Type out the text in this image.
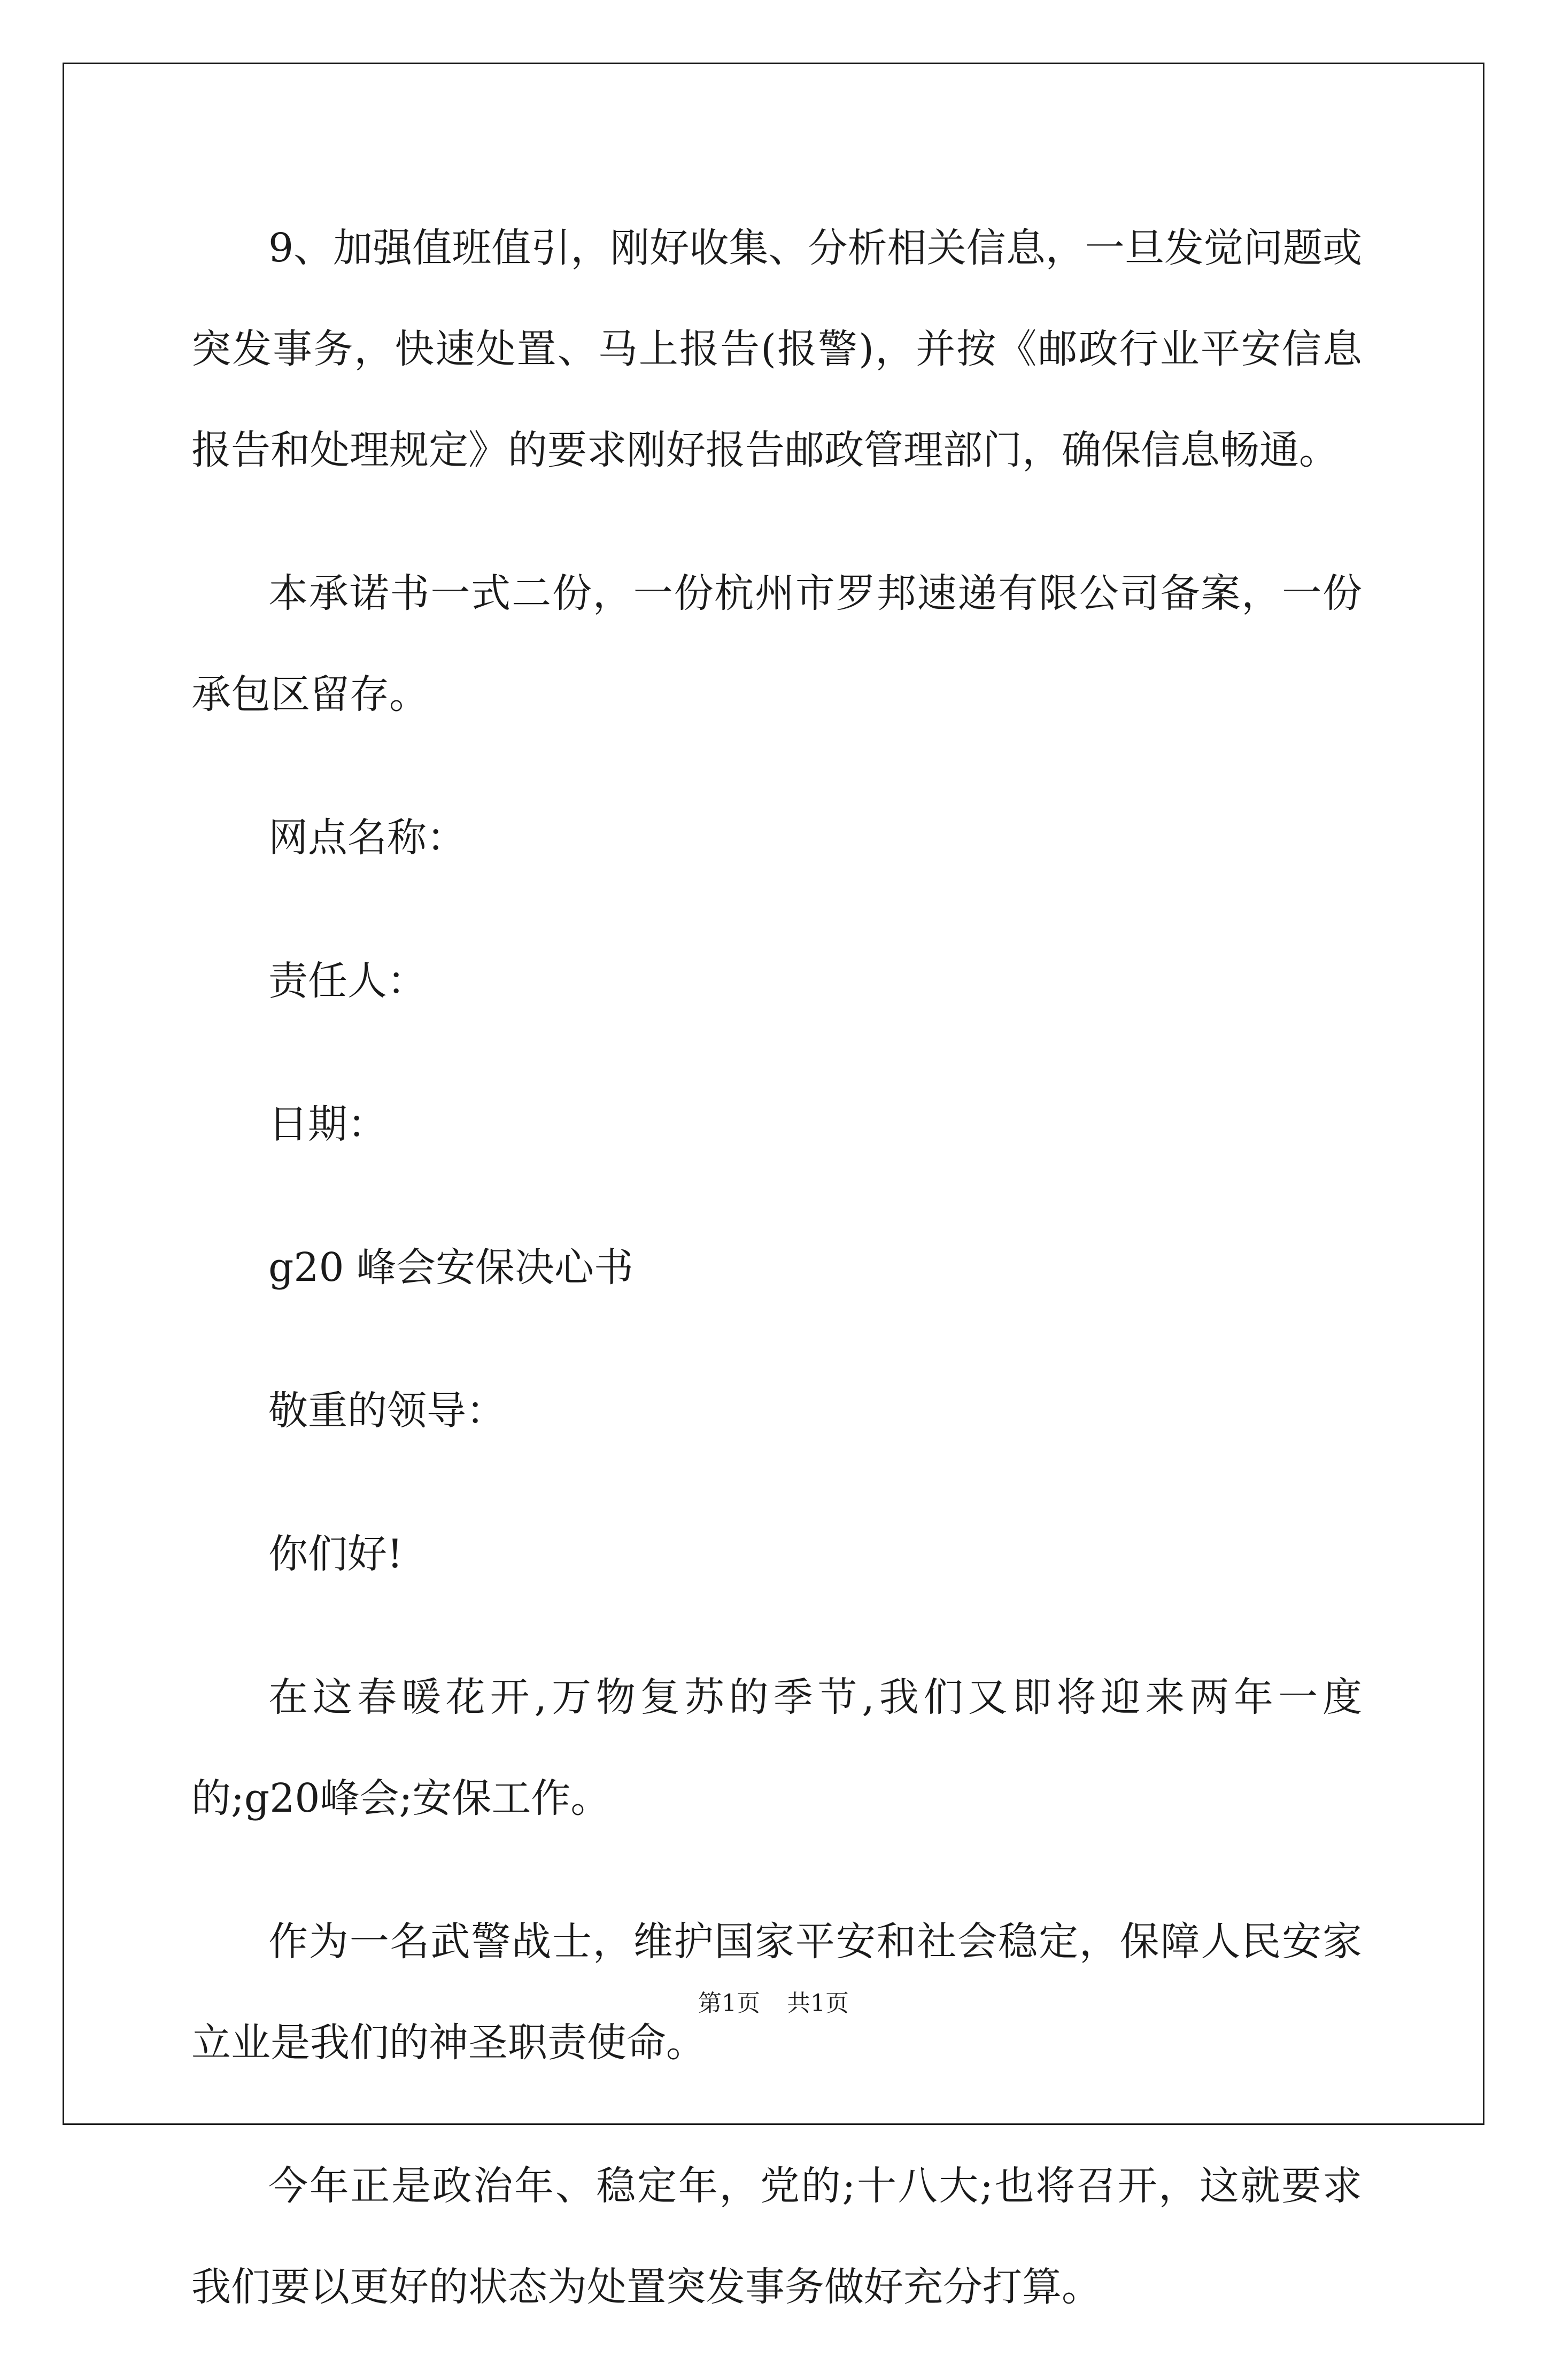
9、加强值班值引，刚好收集、分析相关信息，一旦发觉问题或突发事务，快速处置、马上报告(报警)，并按《邮政行业平安信息报告和处理规定》的要求刚好报告邮政管理部门，确保信息畅通。

本承诺书一式二份，一份杭州市罗邦速递有限公司备案，一份承包区留存。

网点名称：

责任人：

日期：

g20 峰会安保决心书

敬重的领导：

你们好!

在这春暖花开,万物复苏的季节,我们又即将迎来两年一度的;g20峰会;安保工作。

作为一名武警战士，维护国家平安和社会稳定，保障人民安家立业是我们的神圣职责使命。

今年正是政治年、稳定年，党的;十八大;也将召开，这就要求我们要以更好的状态为处置突发事务做好充分打算。

第1页 共1页
